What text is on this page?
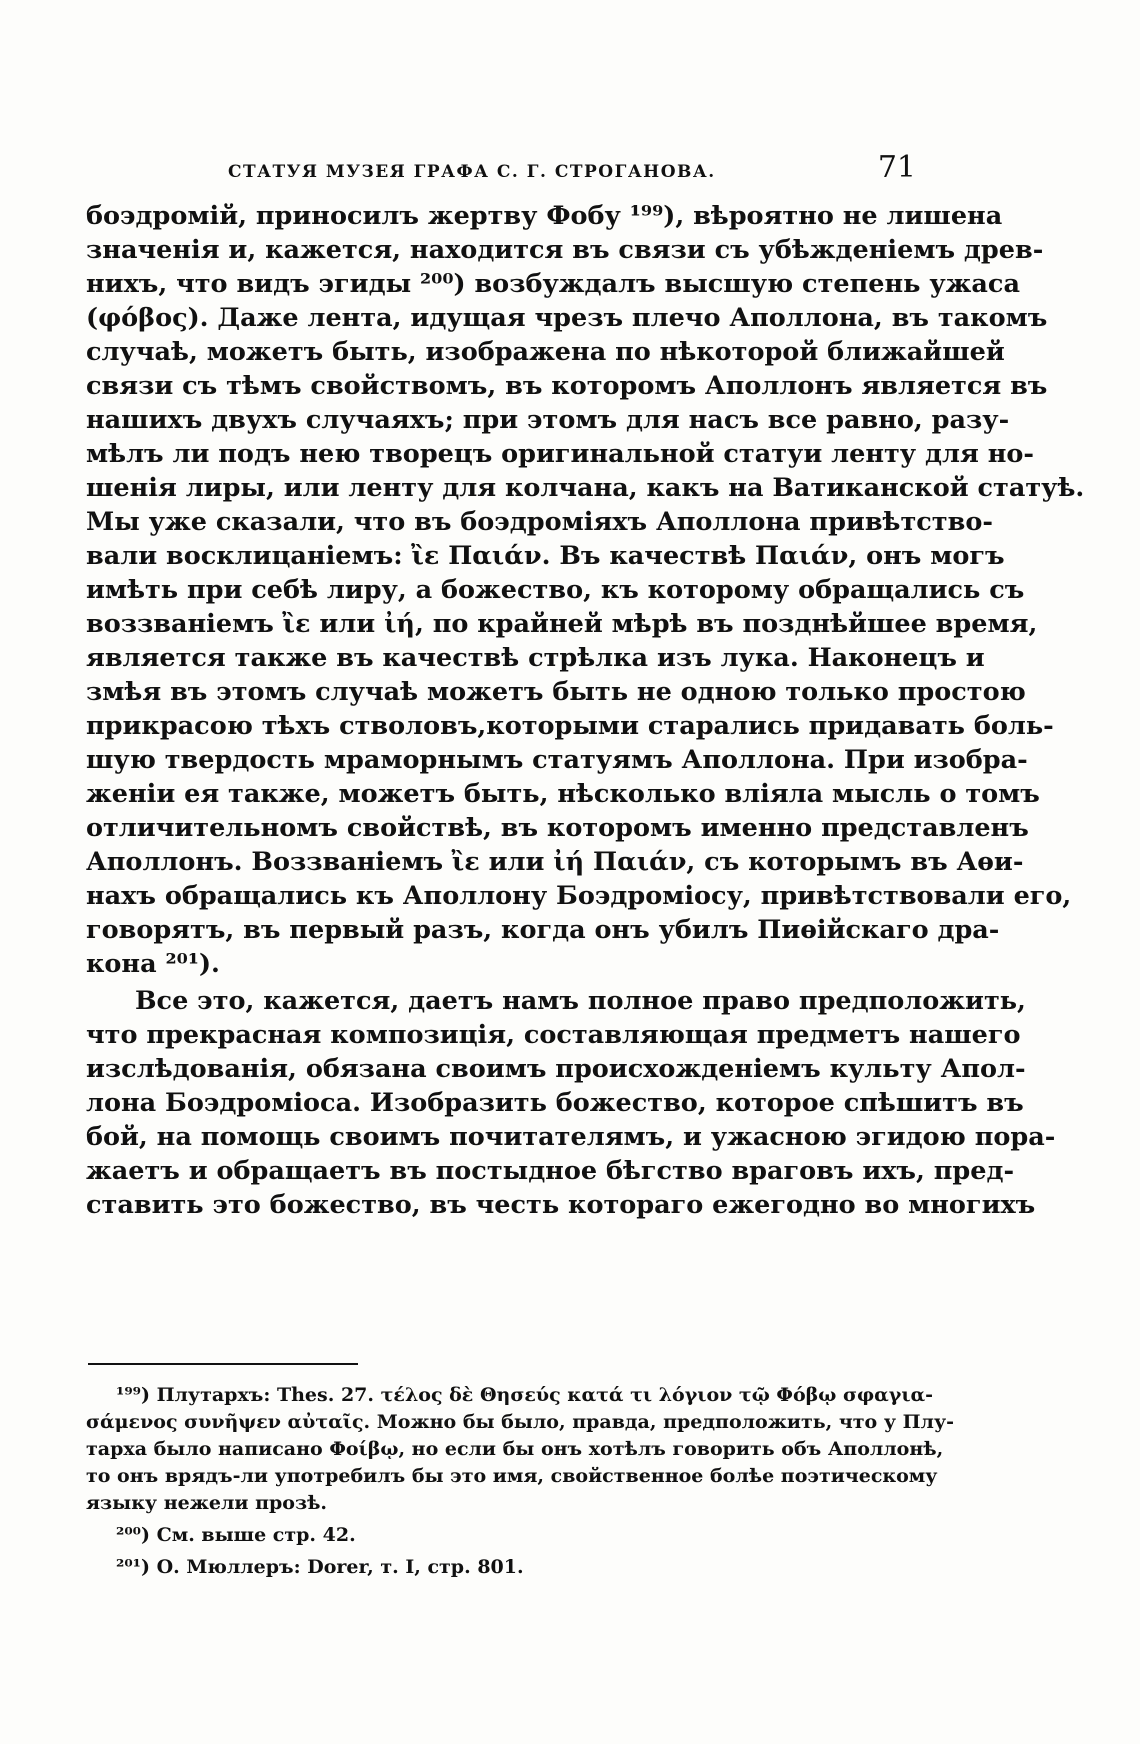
СТАТУЯ МУЗЕЯ ГРАФА С. Г. СТРОГАНОВА.	71
боэдромій, приносилъ жертву Фобу ¹⁹⁹), вѣроятно не лишена
значенія и, кажется, находится въ связи съ убѣжденіемъ древ-
нихъ, что видъ эгиды ²⁰⁰) возбуждалъ высшую степень ужаса
(φόβος). Даже лента, идущая чрезъ плечо Аполлона, въ такомъ
случаѣ, можетъ быть, изображена по нѣкоторой ближайшей
связи съ тѣмъ свойствомъ, въ которомъ Аполлонъ является въ
нашихъ двухъ случаяхъ; при этомъ для насъ все равно, разу-
мѣлъ ли подъ нею творецъ оригинальной статуи ленту для но-
шенія лиры, или ленту для колчана, какъ на Ватиканской статуѣ.
Мы уже сказали, что въ боэдроміяхъ Аполлона привѣтство-
вали восклицаніемъ: ἲε Παιάν. Въ качествѣ Παιάν, онъ могъ
имѣть при себѣ лиру, а божество, къ которому обращались съ
воззваніемъ ἲε или ἰή, по крайней мѣрѣ въ позднѣйшее время,
является также въ качествѣ стрѣлка изъ лука. Наконецъ и
змѣя въ этомъ случаѣ можетъ быть не одною только простою
прикрасою тѣхъ стволовъ,которыми старались придавать боль-
шую твердость мраморнымъ статуямъ Аполлона. При изобра-
женіи ея также, можетъ быть, нѣсколько вліяла мысль о томъ
отличительномъ свойствѣ, въ которомъ именно представленъ
Аполлонъ. Воззваніемъ ἲε или ἰή Παιάν, съ которымъ въ Аѳи-
нахъ обращались къ Аполлону Боэдроміосу, привѣтствовали его,
говорятъ, въ первый разъ, когда онъ убилъ Пиѳійскаго дра-
кона ²⁰¹).
Все это, кажется, даетъ намъ полное право предположить,
что прекрасная композиція, составляющая предметъ нашего
изслѣдованія, обязана своимъ происхожденіемъ культу Апол-
лона Боэдроміоса. Изобразить божество, которое спѣшитъ въ
бой, на помощь своимъ почитателямъ, и ужасною эгидою пора-
жаетъ и обращаетъ въ постыдное бѣгство враговъ ихъ, пред-
ставить это божество, въ честь котораго ежегодно во многихъ
¹⁹⁹) Плутархъ: Thes. 27. τέλος δὲ Θησεύς κατά τι λόγιον τῷ Φόβῳ σφαγια-
σάμενος συνῆψεν αὐταῖς. Можно бы было, правда, предположить, что у Плу-
тарха было написано Φοίβῳ, но если бы онъ хотѣлъ говорить объ Аполлонѣ,
то онъ врядъ-ли употребилъ бы это имя, свойственное болѣе поэтическому
языку нежели прозѣ.
²⁰⁰) См. выше стр. 42.
²⁰¹) О. Мюллеръ: Dorer, т. I, стр. 801.
